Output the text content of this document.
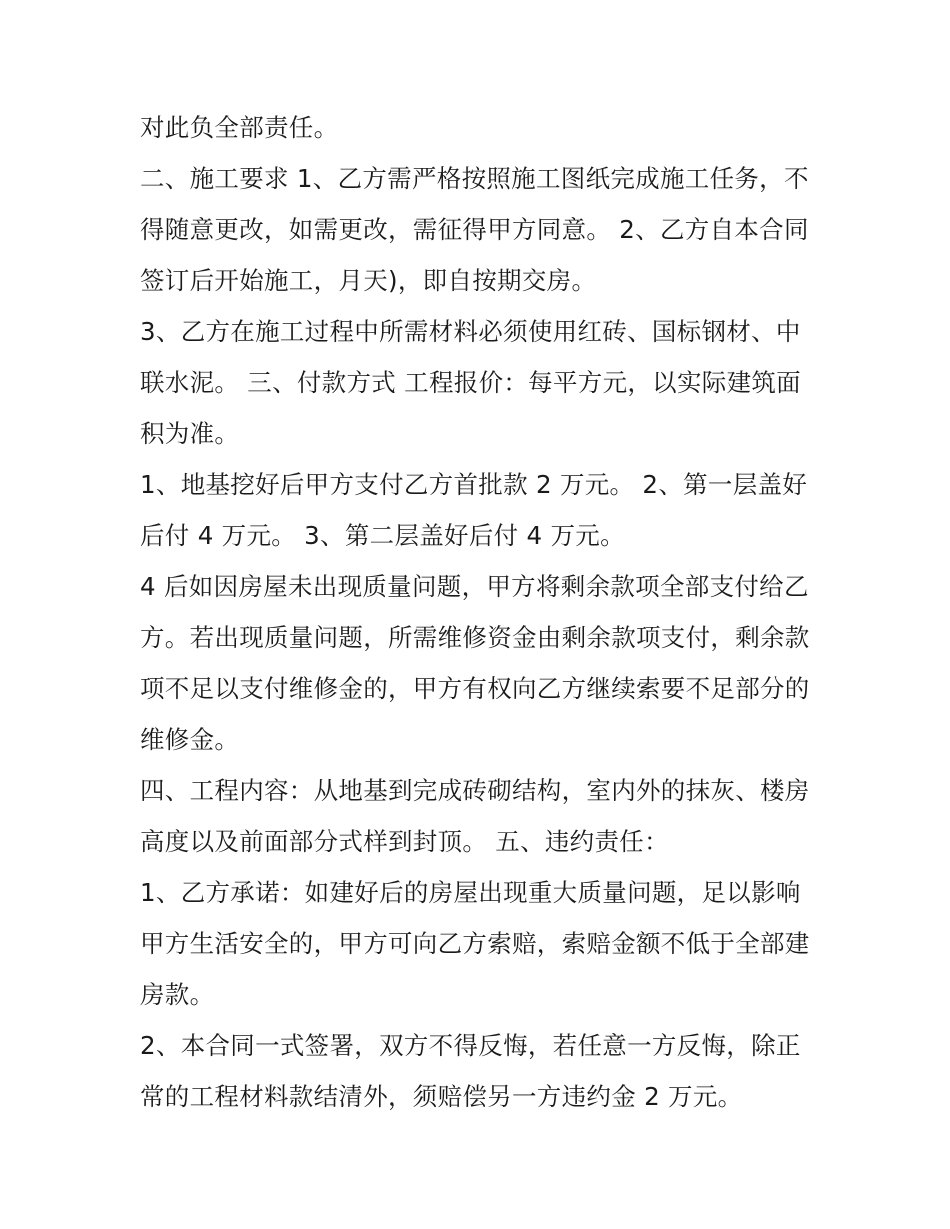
对此负全部责任。

二、施工要求 1、乙方需严格按照施工图纸完成施工任务，不得随意更改，如需更改，需征得甲方同意。 2、乙方自本合同签订后开始施工，月天)，即自按期交房。

3、乙方在施工过程中所需材料必须使用红砖、国标钢材、中联水泥。 三、付款方式 工程报价：每平方元，以实际建筑面积为准。

1、地基挖好后甲方支付乙方首批款 2 万元。 2、第一层盖好后付 4 万元。 3、第二层盖好后付 4 万元。

4 后如因房屋未出现质量问题，甲方将剩余款项全部支付给乙方。若出现质量问题，所需维修资金由剩余款项支付，剩余款项不足以支付维修金的，甲方有权向乙方继续索要不足部分的维修金。

四、工程内容：从地基到完成砖砌结构，室内外的抹灰、楼房高度以及前面部分式样到封顶。 五、违约责任：

1、乙方承诺：如建好后的房屋出现重大质量问题，足以影响甲方生活安全的，甲方可向乙方索赔，索赔金额不低于全部建房款。

2、本合同一式签署，双方不得反悔，若任意一方反悔，除正常的工程材料款结清外，须赔偿另一方违约金 2 万元。
